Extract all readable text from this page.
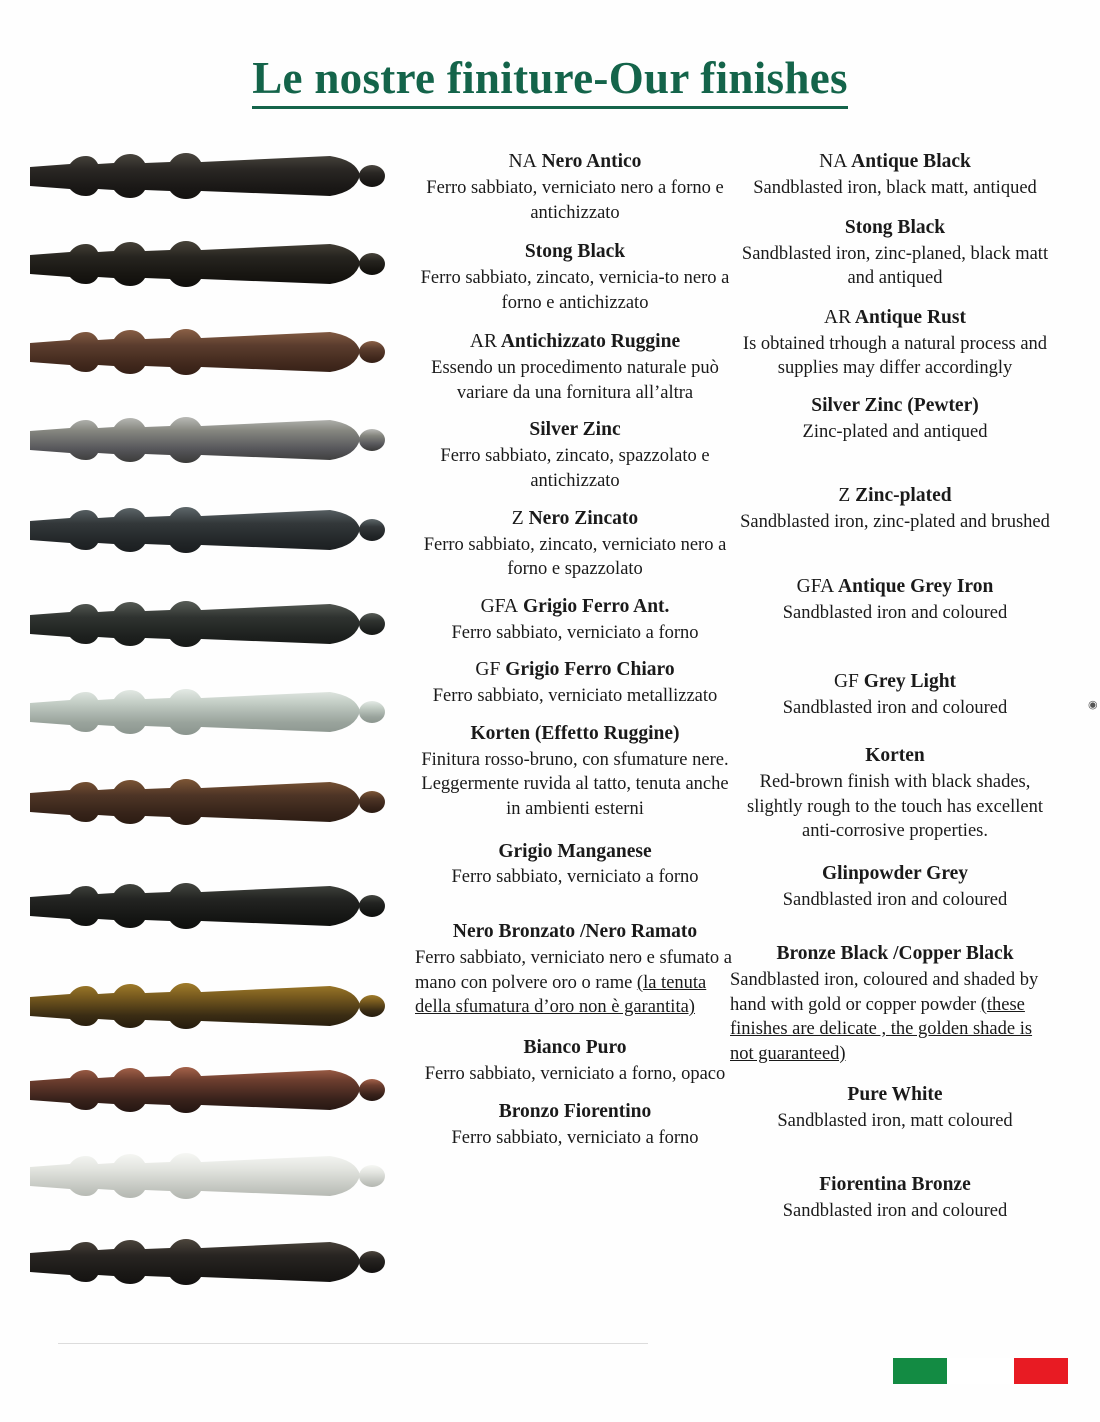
Le nostre finiture-Our finishes
NA Nero Antico
Ferro sabbiato, verniciato nero a forno e antichizzato
Stong Black
Ferro sabbiato, zincato, vernicia-to nero a forno e antichizzato
AR Antichizzato Ruggine
Essendo un procedimento naturale può variare da una fornitura all’altra
Silver Zinc
Ferro sabbiato, zincato, spazzolato e antichizzato
Z Nero Zincato
Ferro sabbiato, zincato, verniciato nero a forno e spazzolato
GFA Grigio Ferro Ant.
Ferro sabbiato, verniciato a forno
GF Grigio Ferro Chiaro
Ferro sabbiato, verniciato metallizzato
Korten (Effetto Ruggine)
Finitura rosso-bruno, con sfumature nere. Leggermente ruvida al tatto, tenuta anche in ambienti esterni
Grigio Manganese
Ferro sabbiato, verniciato a forno
Nero Bronzato /Nero Ramato
Ferro sabbiato, verniciato nero e sfumato a mano con polvere oro o rame (la tenuta della sfumatura d’oro non è garantita)
Bianco Puro
Ferro sabbiato, verniciato a forno, opaco
Bronzo Fiorentino
Ferro sabbiato, verniciato a forno
NA Antique Black
Sandblasted iron, black matt, antiqued
Stong Black
Sandblasted iron, zinc-planed, black matt and antiqued
AR Antique Rust
Is obtained trhough a natural process and supplies may differ accordingly
Silver Zinc (Pewter)
Zinc-plated and antiqued
Z Zinc-plated
Sandblasted iron, zinc-plated and brushed
GFA Antique Grey Iron
Sandblasted iron and coloured
GF Grey Light
Sandblasted iron and coloured
Korten
Red-brown finish with black shades, slightly rough to the touch has excellent anti-corrosive properties.
Glinpowder Grey
Sandblasted iron and coloured
Bronze Black /Copper Black
Sandblasted iron, coloured and shaded by hand with gold or copper powder (these finishes are delicate , the golden shade is not guaranteed)
Pure White
Sandblasted iron, matt coloured
Fiorentina Bronze
Sandblasted iron and coloured
◉
